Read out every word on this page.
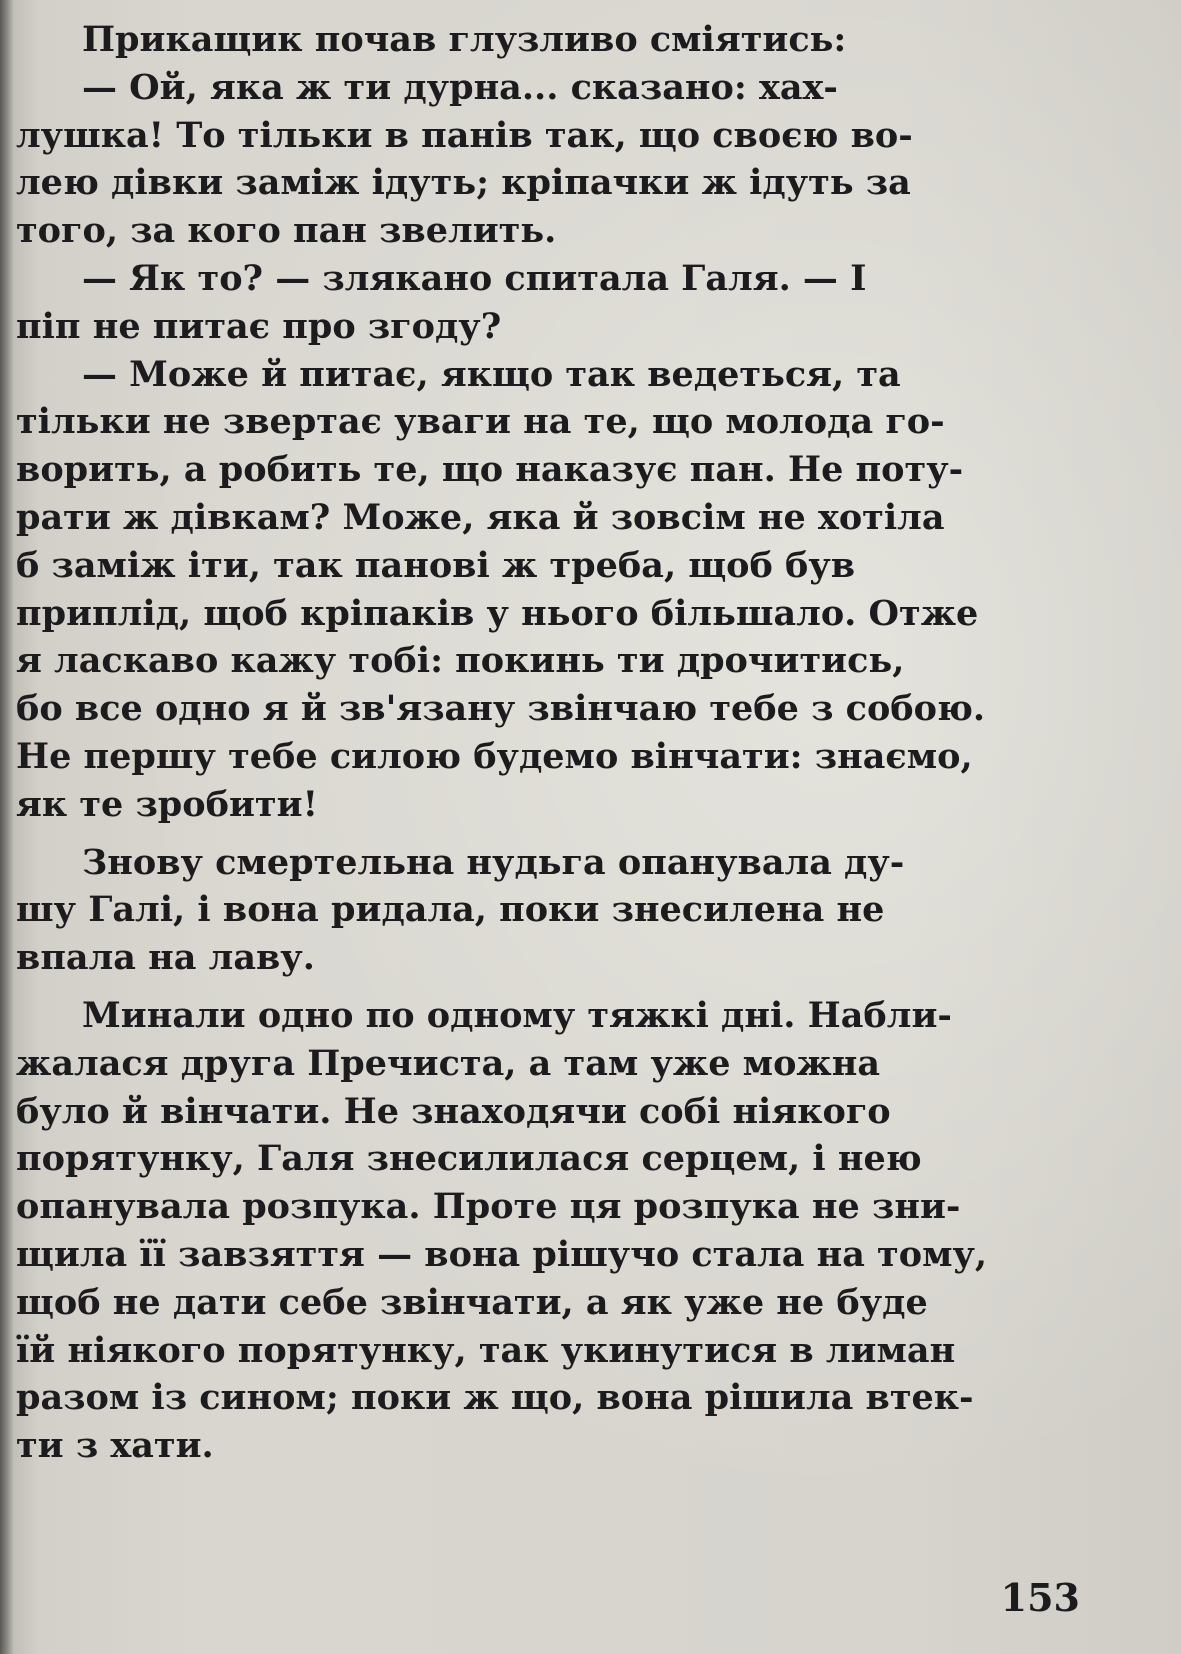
Прикащик почав глузливо сміятись:

— Ой, яка ж ти дурна... сказано: хах-
лушка! То тільки в панів так, що своєю во-
лею дівки заміж ідуть; кріпачки ж ідуть за
того, за кого пан звелить.

— Як то? — злякано спитала Галя. — І
піп не питає про згоду?

— Може й питає, якщо так ведеться, та
тільки не звертає уваги на те, що молода го-
ворить, а робить те, що наказує пан. Не поту-
рати ж дівкам? Може, яка й зовсім не хотіла
б заміж іти, так панові ж треба, щоб був
приплід, щоб кріпаків у нього більшало. Отже
я ласкаво кажу тобі: покинь ти дрочитись,
бо все одно я й зв'язану звінчаю тебе з собою.
Не першу тебе силою будемо вінчати: знаємо,
як те зробити!

Знову смертельна нудьга опанувала ду-
шу Галі, і вона ридала, поки знесилена не
впала на лаву.

Минали одно по одному тяжкі дні. Набли-
жалася друга Пречиста, а там уже можна
було й вінчати. Не знаходячи собі ніякого
порятунку, Галя знесилилася серцем, і нею
опанувала розпука. Проте ця розпука не зни-
щила її завзяття — вона рішучо стала на тому,
щоб не дати себе звінчати, а як уже не буде
їй ніякого порятунку, так укинутися в лиман
разом із сином; поки ж що, вона рішила втек-
ти з хати.

153
